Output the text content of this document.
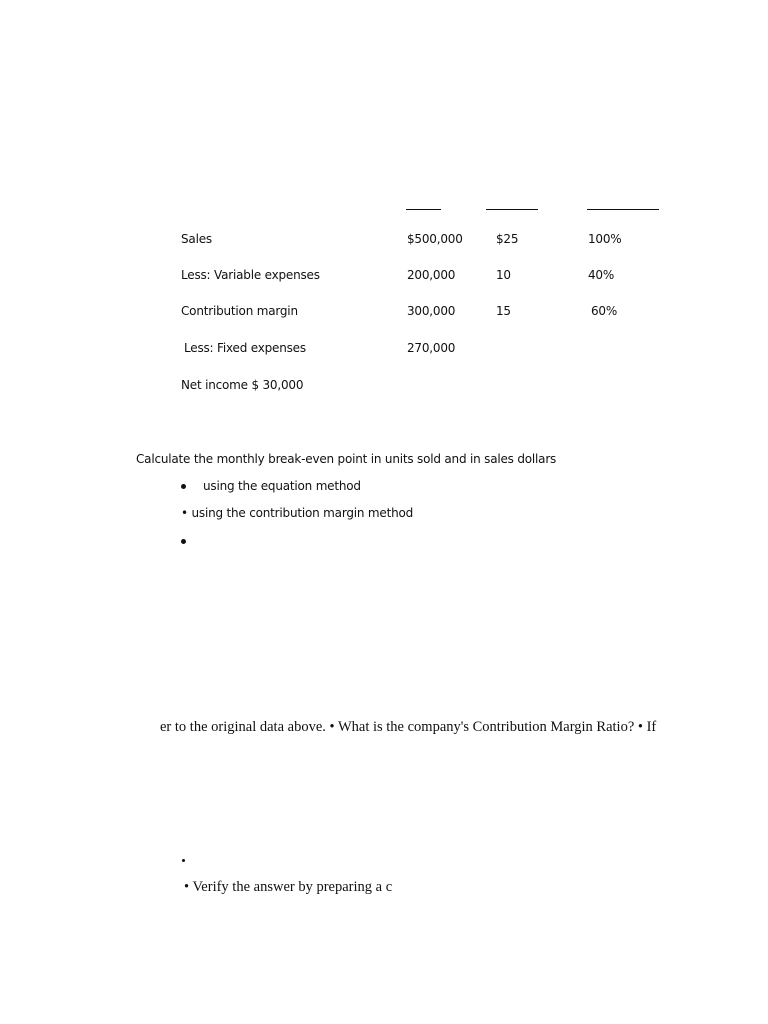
Sales	$500,000	$25	100%
Less: Variable expenses	200,000	10	40%
Contribution margin	300,000	15	60%
Less: Fixed expenses	270,000
Net income $ 30,000
Calculate the monthly break-even point in units sold and in sales dollars
using the equation method
• using the contribution margin method
er to the original data above. • What is the company's Contribution Margin Ratio? • If
• Verify the answer by preparing a c
